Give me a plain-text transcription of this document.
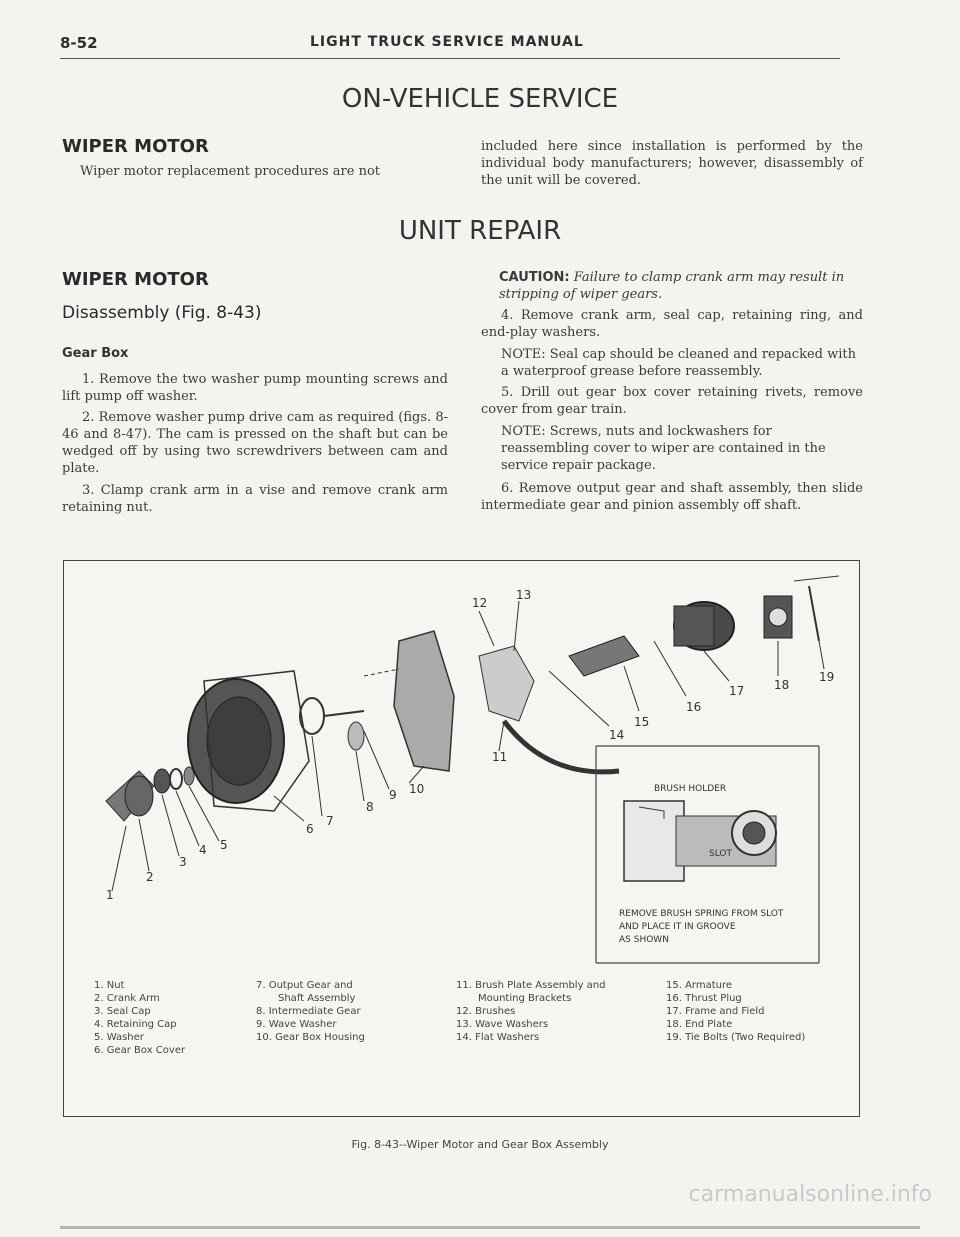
8-52	LIGHT TRUCK SERVICE MANUAL
ON-VEHICLE SERVICE
WIPER MOTOR

Wiper motor replacement procedures are not

included here since installation is performed by the individual body manufacturers; however, disassembly of the unit will be covered.

UNIT REPAIR
WIPER MOTOR
Disassembly (Fig. 8-43)
Gear Box

1. Remove the two washer pump mounting screws and lift pump off washer.

2. Remove washer pump drive cam as required (figs. 8-46 and 8-47). The cam is pressed on the shaft but can be wedged off by using two screwdrivers between cam and plate.

3. Clamp crank arm in a vise and remove crank arm retaining nut.

CAUTION: Failure to clamp crank arm may result in stripping of wiper gears.

4. Remove crank arm, seal cap, retaining ring, and end-play washers.

NOTE: Seal cap should be cleaned and repacked with a waterproof grease before reassembly.

5. Drill out gear box cover retaining rivets, remove cover from gear train.

NOTE: Screws, nuts and lockwashers for reassembling cover to wiper are contained in the service repair package.

6. Remove output gear and shaft assembly, then slide intermediate gear and pinion assembly off shaft.

1
2
3
4 5
6
7
8
9 10
11
12
13
14
15
16
17 18
19
BRUSH HOLDER
SLOT
REMOVE BRUSH SPRING FROM SLOT
AND PLACE IT IN GROOVE
AS SHOWN
1. Nut
2. Crank Arm
3. Seal Cap
4. Retaining Cap
5. Washer
6. Gear Box Cover
7. Output Gear and
Shaft Assembly
8. Intermediate Gear
9. Wave Washer
10. Gear Box Housing
11. Brush Plate Assembly and
Mounting Brackets
12. Brushes
13. Wave Washers
14. Flat Washers
15. Armature
16. Thrust Plug
17. Frame and Field
18. End Plate
19. Tie Bolts (Two Required)
Fig. 8-43--Wiper Motor and Gear Box Assembly
carmanualsonline.info
